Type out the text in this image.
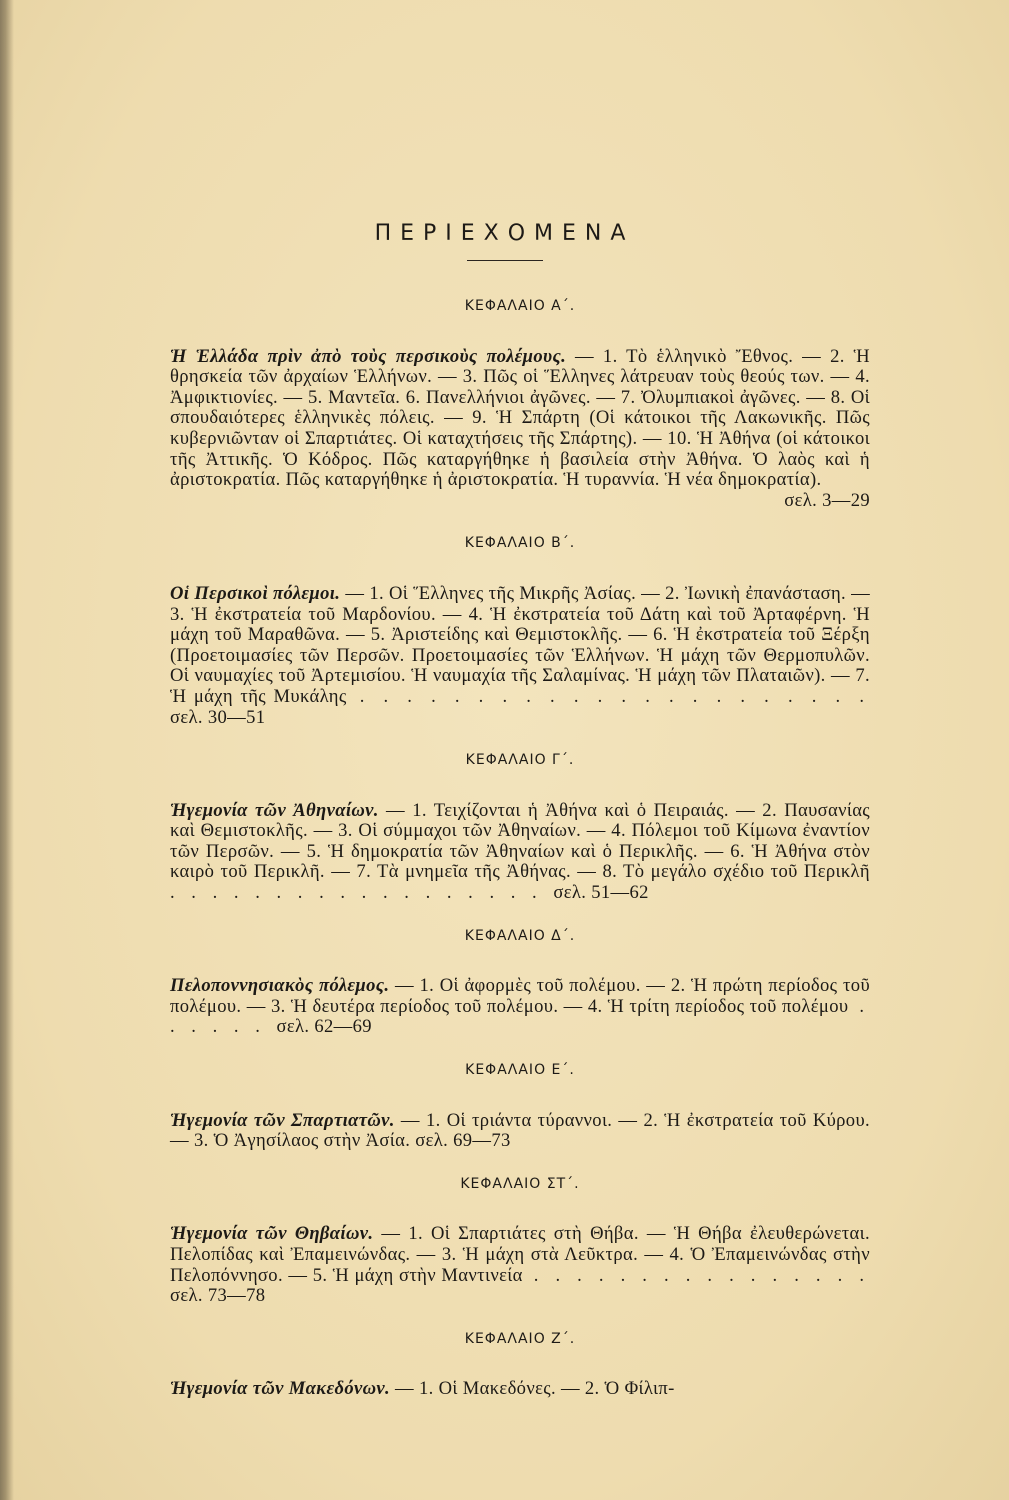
ΠΕΡΙΕΧΟΜΕΝΑ
ΚΕΦΑΛΑΙΟ Α΄.

Ἡ Ἑλλάδα πρὶν ἀπὸ τοὺς περσικοὺς πολέμους. — 1. Τὸ ἑλληνικὸ Ἔθνος. — 2. Ἡ θρησκεία τῶν ἀρχαίων Ἑλλήνων. — 3. Πῶς οἱ Ἕλληνες λάτρευαν τοὺς θεούς των. — 4. Ἀμφικτιονίες. — 5. Μαντεῖα. 6. Πανελλήνιοι ἀγῶνες. — 7. Ὀλυμπιακοὶ ἀγῶνες. — 8. Οἱ σπουδαιότερες ἑλληνικὲς πόλεις. — 9. Ἡ Σπάρτη (Οἱ κάτοικοι τῆς Λακωνικῆς. Πῶς κυβερνιῶνταν οἱ Σπαρτιάτες. Οἱ καταχτήσεις τῆς Σπάρτης). — 10. Ἡ Ἀθήνα (οἱ κάτοικοι τῆς Ἀττικῆς. Ὁ Κόδρος. Πῶς καταργήθηκε ἡ βασιλεία στὴν Ἀθήνα. Ὁ λαὸς καὶ ἡ ἀριστοκρατία. Πῶς καταργήθηκε ἡ ἀριστοκρατία. Ἡ τυραννία. Ἡ νέα δημοκρατία).
σελ. 3—29

ΚΕΦΑΛΑΙΟ Β΄.

Οἱ Περσικοὶ πόλεμοι. — 1. Οἱ Ἕλληνες τῆς Μικρῆς Ἀσίας. — 2. Ἰωνικὴ ἐπανάσταση. — 3. Ἡ ἐκστρατεία τοῦ Μαρδονίου. — 4. Ἡ ἐκστρατεία τοῦ Δάτη καὶ τοῦ Ἀρταφέρνη. Ἡ μάχη τοῦ Μαραθῶνα. — 5. Ἀριστείδης καὶ Θεμιστοκλῆς. — 6. Ἡ ἐκστρατεία τοῦ Ξέρξη (Προετοιμασίες τῶν Περσῶν. Προετοιμασίες τῶν Ἑλλήνων. Ἡ μάχη τῶν Θερμοπυλῶν. Οἱ ναυμαχίες τοῦ Ἀρτεμισίου. Ἡ ναυμαχία τῆς Σαλαμίνας. Ἡ μάχη τῶν Πλαταιῶν). — 7. Ἡ μάχη τῆς Μυκάλης . . . . . . . . . . . . . . . . . . . . . . σελ. 30—51

ΚΕΦΑΛΑΙΟ Γ΄.

Ἡγεμονία τῶν Ἀθηναίων. — 1. Τειχίζονται ἡ Ἀθήνα καὶ ὁ Πειραιάς. — 2. Παυσανίας καὶ Θεμιστοκλῆς. — 3. Οἱ σύμμαχοι τῶν Ἀθηναίων. — 4. Πόλεμοι τοῦ Κίμωνα ἐναντίον τῶν Περσῶν. — 5. Ἡ δημοκρατία τῶν Ἀθηναίων καὶ ὁ Περικλῆς. — 6. Ἡ Ἀθήνα στὸν καιρὸ τοῦ Περικλῆ. — 7. Τὰ μνημεῖα τῆς Ἀθήνας. — 8. Τὸ μεγάλο σχέδιο τοῦ Περικλῆ . . . . . . . . . . . . . . . . . . σελ. 51—62

ΚΕΦΑΛΑΙΟ Δ΄.

Πελοποννησιακὸς πόλεμος. — 1. Οἱ ἀφορμὲς τοῦ πολέμου. — 2. Ἡ πρώτη περίοδος τοῦ πολέμου. — 3. Ἡ δευτέρα περίοδος τοῦ πολέμου. — 4. Ἡ τρίτη περίοδος τοῦ πολέμου . . . . . . σελ. 62—69

ΚΕΦΑΛΑΙΟ Ε΄.

Ἡγεμονία τῶν Σπαρτιατῶν. — 1. Οἱ τριάντα τύραννοι. — 2. Ἡ ἐκστρατεία τοῦ Κύρου. — 3. Ὁ Ἀγησίλαος στὴν Ἀσία. σελ. 69—73

ΚΕΦΑΛΑΙΟ ΣΤ΄.

Ἡγεμονία τῶν Θηβαίων. — 1. Οἱ Σπαρτιάτες στὴ Θήβα. — Ἡ Θήβα ἐλευθερώνεται. Πελοπίδας καὶ Ἐπαμεινώνδας. — 3. Ἡ μάχη στὰ Λεῦκτρα. — 4. Ὁ Ἐπαμεινώνδας στὴν Πελοπόννησο. — 5. Ἡ μάχη στὴν Μαντινεία . . . . . . . . . . . . . . . . σελ. 73—78

ΚΕΦΑΛΑΙΟ Ζ΄.

Ἡγεμονία τῶν Μακεδόνων. — 1. Οἱ Μακεδόνες. — 2. Ὁ Φίλιπ-
